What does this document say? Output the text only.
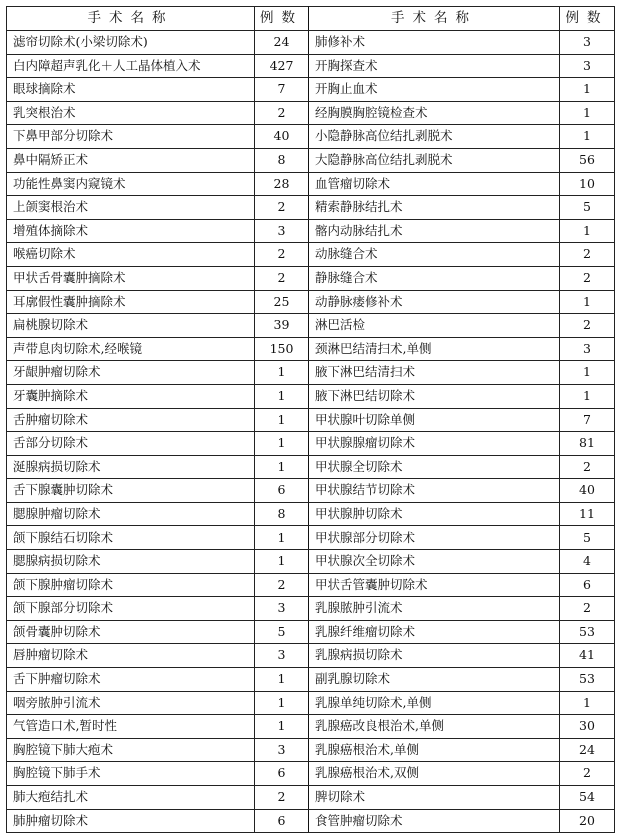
手术名称	例数	手术名称	例数
滤帘切除术(小梁切除术)	24	肺修补术	3
白内障超声乳化＋人工晶体植入术	427	开胸探查术	3
眼球摘除术	7	开胸止血术	1
乳突根治术	2	经胸膜胸腔镜检查术	1
下鼻甲部分切除术	40	小隐静脉高位结扎剥脱术	1
鼻中隔矫正术	8	大隐静脉高位结扎剥脱术	56
功能性鼻窦内窥镜术	28	血管瘤切除术	10
上颌窦根治术	2	精索静脉结扎术	5
增殖体摘除术	3	髂内动脉结扎术	1
喉癌切除术	2	动脉缝合术	2
甲状舌骨囊肿摘除术	2	静脉缝合术	2
耳廓假性囊肿摘除术	25	动静脉瘘修补术	1
扁桃腺切除术	39	淋巴活检	2
声带息肉切除术,经喉镜	150	颈淋巴结清扫术,单侧	3
牙龈肿瘤切除术	1	腋下淋巴结清扫术	1
牙囊肿摘除术	1	腋下淋巴结切除术	1
舌肿瘤切除术	1	甲状腺叶切除单侧	7
舌部分切除术	1	甲状腺腺瘤切除术	81
涎腺病损切除术	1	甲状腺全切除术	2
舌下腺囊肿切除术	6	甲状腺结节切除术	40
腮腺肿瘤切除术	8	甲状腺肿切除术	11
颌下腺结石切除术	1	甲状腺部分切除术	5
腮腺病损切除术	1	甲状腺次全切除术	4
颌下腺肿瘤切除术	2	甲状舌管囊肿切除术	6
颌下腺部分切除术	3	乳腺脓肿引流术	2
颌骨囊肿切除术	5	乳腺纤维瘤切除术	53
唇肿瘤切除术	3	乳腺病损切除术	41
舌下肿瘤切除术	1	副乳腺切除术	53
咽旁脓肿引流术	1	乳腺单纯切除术,单侧	1
气管造口术,暂时性	1	乳腺癌改良根治术,单侧	30
胸腔镜下肺大疱术	3	乳腺癌根治术,单侧	24
胸腔镜下肺手术	6	乳腺癌根治术,双侧	2
肺大疱结扎术	2	脾切除术	54
肺肿瘤切除术	6	食管肿瘤切除术	20
